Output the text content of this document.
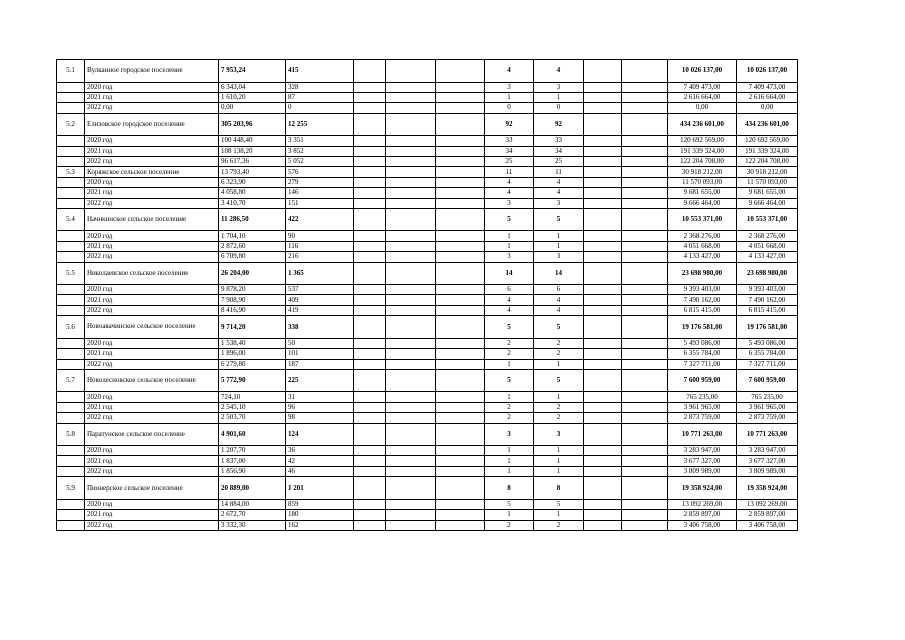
5.1	Вулканное городское поселение	7 953,24	415				4	4			10 026 137,00	10 026 137,00
	2020 год	6 343,04	328				3	3			7 409 473,00	7 409 473,00
	2021 год	1 610,20	87				1	1			2 616 664,00	2 616 664,00
	2022 год	0,00	0				0	0			0,00	0,00
5.2	Елизовское городское поселение	305 203,96	12 255				92	92			434 236 601,00	434 236 601,00
	2020 год	100 448,40	3 351				33	33			120 692 569,00	120 692 569,00
	2021 год	108 138,20	3 852				34	34			191 339 324,00	191 339 324,00
	2022 год	96 617,36	5 052				25	25			122 204 708,00	122 204 708,00
5.3	Коряжское сельское поселение	13 793,40	576				11	11			30 918 212,00	30 918 212,00
	2020 год	6 323,90	279				4	4			11 570 093,00	11 570 093,00
	2021 год	4 058,80	146				4	4			9 681 655,00	9 681 655,00
	2022 год	3 410,70	151				3	3			9 666 464,00	9 666 464,00
5.4	Начикинское сельское поселение	11 286,50	422				5	5			10 553 371,00	10 553 371,00
	2020 год	1 704,10	90				1	1			2 368 276,00	2 368 276,00
	2021 год	2 872,60	116				1	1			4 051 668,00	4 051 668,00
	2022 год	6 709,80	216				3	3			4 133 427,00	4 133 427,00
5.5	Николаевское сельское поселение	26 204,00	1 365				14	14			23 698 980,00	23 698 980,00
	2020 год	9 878,20	537				6	6			9 393 403,00	9 393 403,00
	2021 год	7 908,90	409				4	4			7 490 162,00	7 490 162,00
	2022 год	8 416,90	419				4	4			6 815 415,00	6 815 415,00
5.6	Новоавачинское сельское поселение	9 714,20	338				5	5			19 176 581,00	19 176 581,00
	2020 год	1 538,40	50				2	2			5 493 086,00	5 493 086,00
	2021 год	1 896,00	101				2	2			6 355 784,00	6 355 784,00
	2022 год	6 279,80	187				1	1			7 327 711,00	7 327 711,00
5.7	Новолесновское сельское поселение	5 772,90	225				5	5			7 600 959,00	7 600 959,00
	2020 год	724,10	31				1	1			765 235,00	765 235,00
	2021 год	2 545,10	96				2	2			3 961 965,00	3 961 965,00
	2022 год	2 503,70	98				2	2			2 873 759,00	2 873 759,00
5.8	Паратунское сельское поселение	4 901,60	124				3	3			10 771 263,00	10 771 263,00
	2020 год	1 207,70	36				1	1			3 283 947,00	3 283 947,00
	2021 год	1 837,00	42				1	1			3 677 327,00	3 677 327,00
	2022 год	1 856,90	46				1	1			3 809 989,00	3 809 989,00
5.9	Пионерское сельское поселение	20 889,00	1 201				8	8			19 358 924,00	19 358 924,00
	2020 год	14 884,00	859				5	5			13 092 269,00	13 092 269,00
	2021 год	2 672,70	180				1	1			2 859 897,00	2 859 897,00
	2022 год	3 332,30	162				2	2			3 406 758,00	3 406 758,00
